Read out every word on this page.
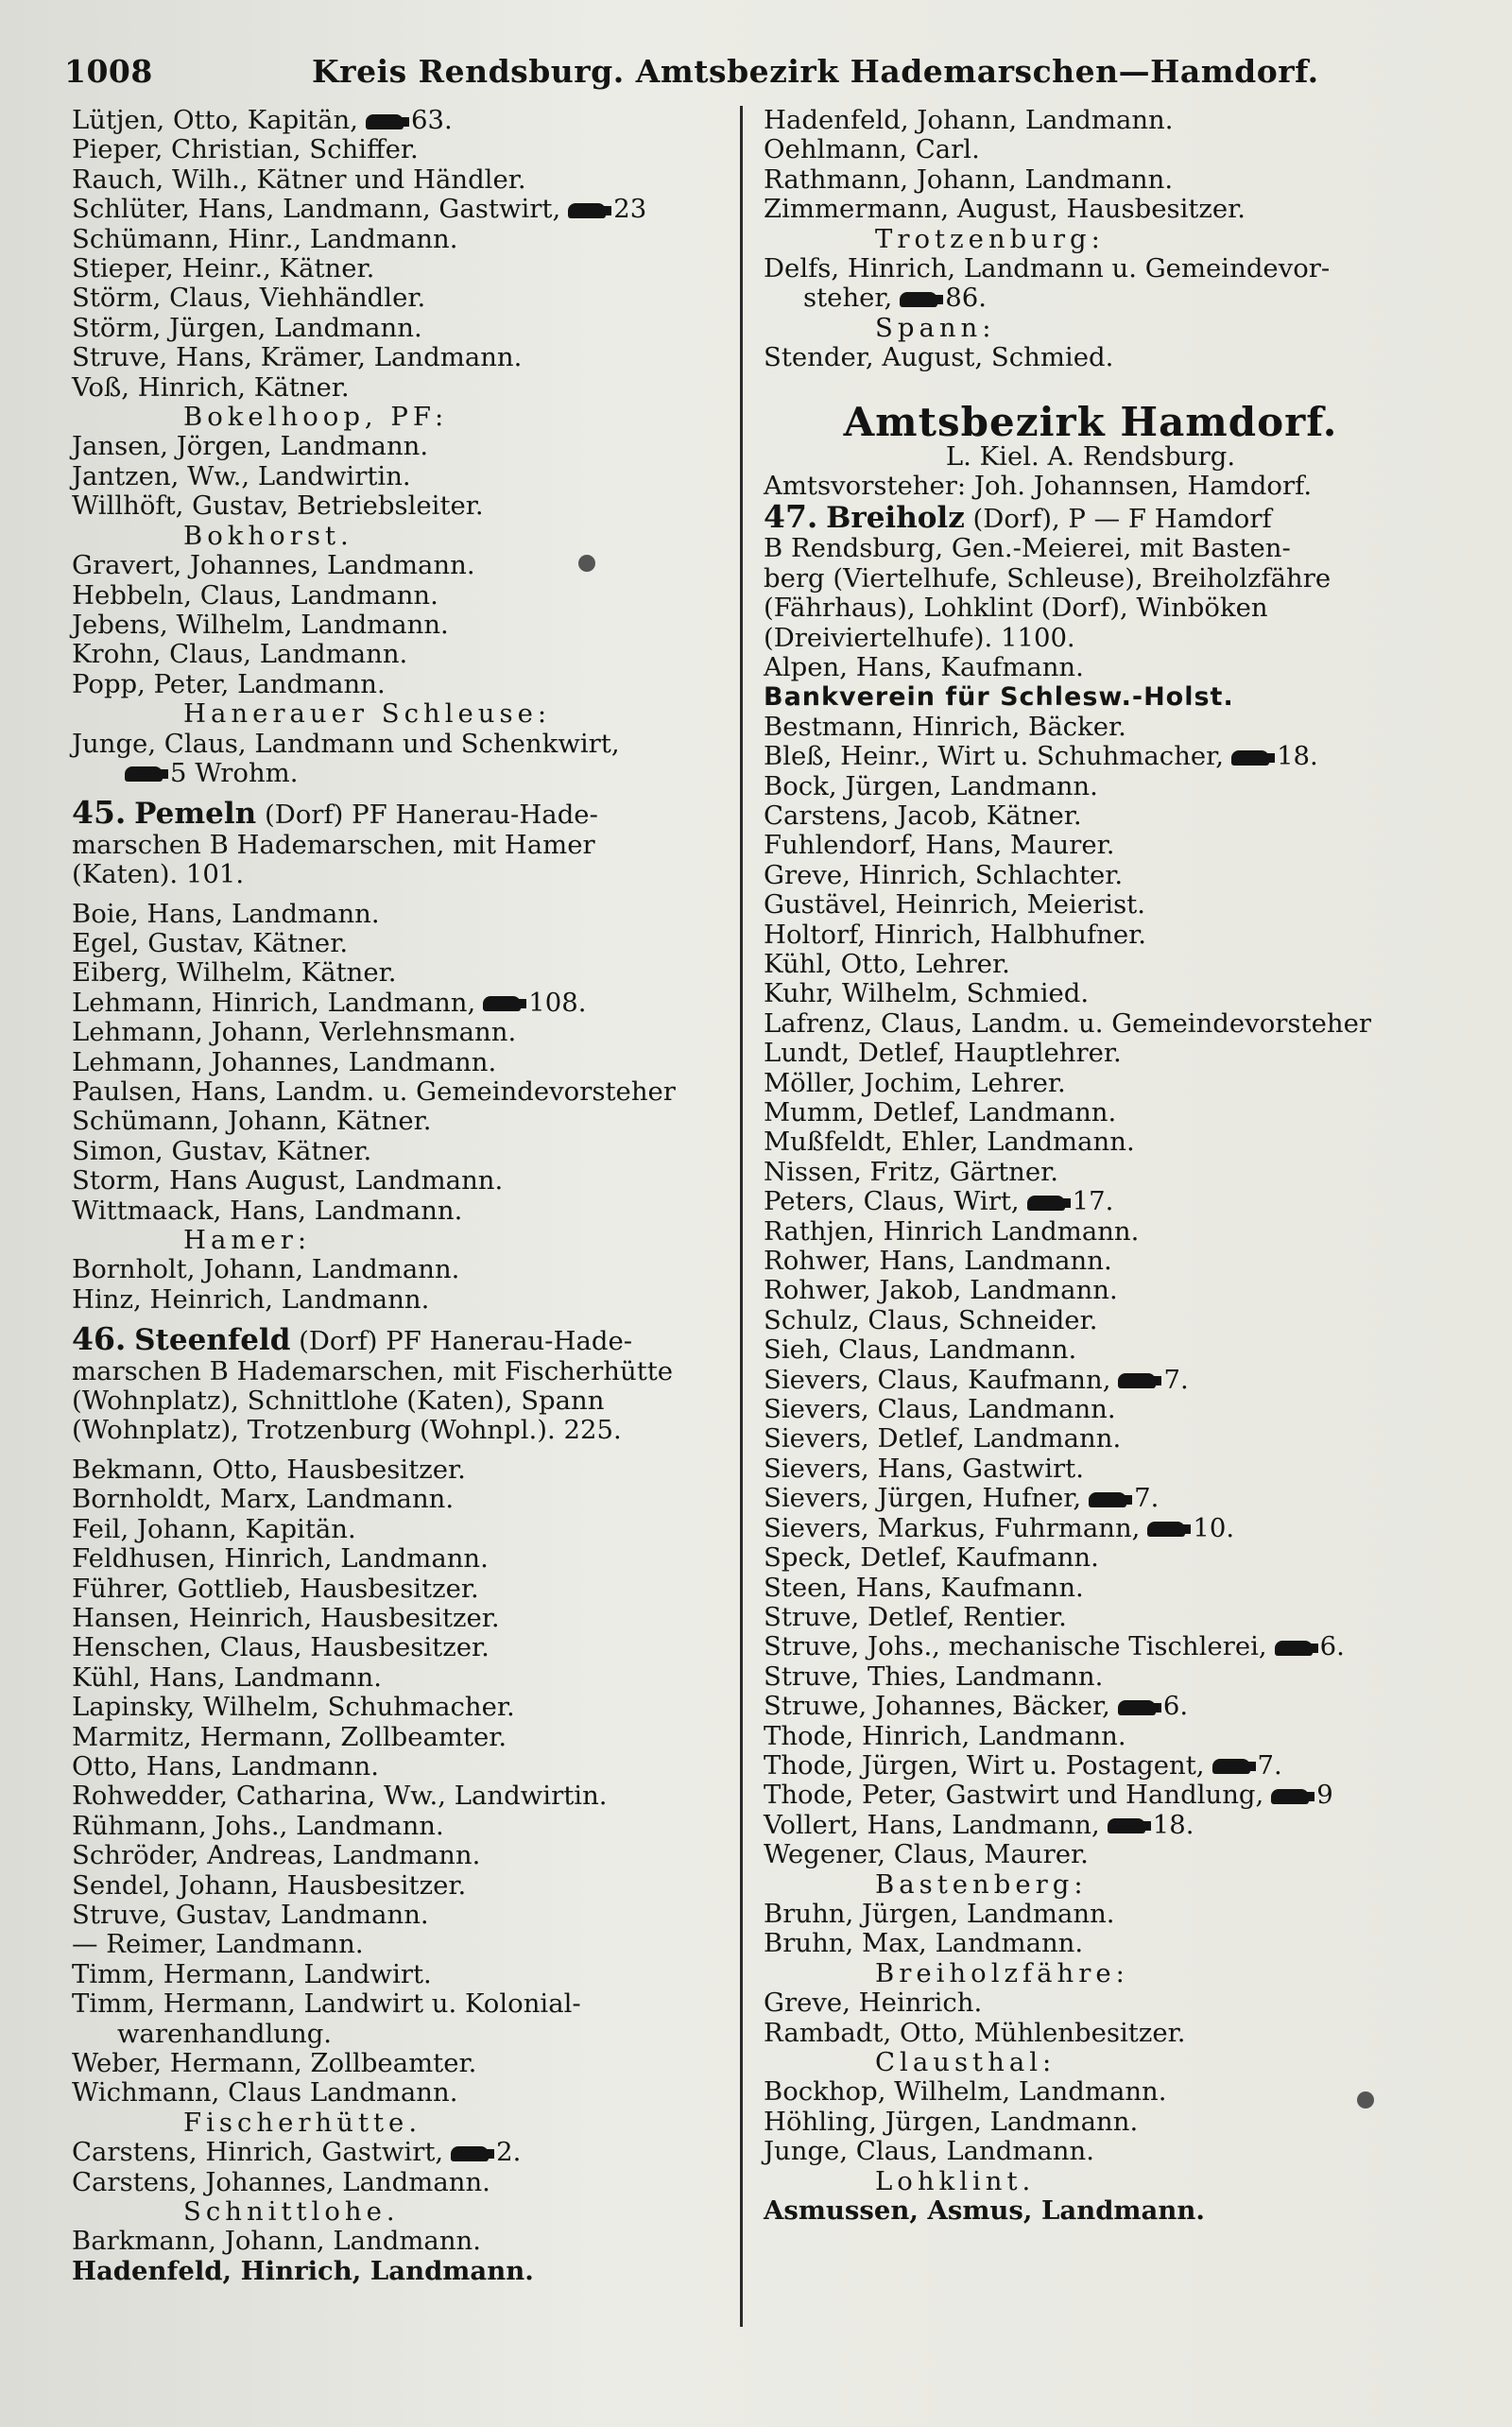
1008	Kreis Rendsburg. Amtsbezirk Hademarschen—Hamdorf.
Lütjen, Otto, Kapitän, 63.
Pieper, Christian, Schiffer.
Rauch, Wilh., Kätner und Händler.
Schlüter, Hans, Landmann, Gastwirt, 23
Schümann, Hinr., Landmann.
Stieper, Heinr., Kätner.
Störm, Claus, Viehhändler.
Störm, Jürgen, Landmann.
Struve, Hans, Krämer, Landmann.
Voß, Hinrich, Kätner.
Bokelhoop, PF:
Jansen, Jörgen, Landmann.
Jantzen, Ww., Landwirtin.
Willhöft, Gustav, Betriebsleiter.
Bokhorst.
Gravert, Johannes, Landmann.
Hebbeln, Claus, Landmann.
Jebens, Wilhelm, Landmann.
Krohn, Claus, Landmann.
Popp, Peter, Landmann.
Hanerauer Schleuse:
Junge, Claus, Landmann und Schenkwirt,
5 Wrohm.
45. Pemeln (Dorf) PF Hanerau-Hade-
marschen B Hademarschen, mit Hamer
(Katen). 101.
Boie, Hans, Landmann.
Egel, Gustav, Kätner.
Eiberg, Wilhelm, Kätner.
Lehmann, Hinrich, Landmann, 108.
Lehmann, Johann, Verlehnsmann.
Lehmann, Johannes, Landmann.
Paulsen, Hans, Landm. u. Gemeindevorsteher
Schümann, Johann, Kätner.
Simon, Gustav, Kätner.
Storm, Hans August, Landmann.
Wittmaack, Hans, Landmann.
Hamer:
Bornholt, Johann, Landmann.
Hinz, Heinrich, Landmann.
46. Steenfeld (Dorf) PF Hanerau-Hade-
marschen B Hademarschen, mit Fischerhütte
(Wohnplatz), Schnittlohe (Katen), Spann
(Wohnplatz), Trotzenburg (Wohnpl.). 225.
Bekmann, Otto, Hausbesitzer.
Bornholdt, Marx, Landmann.
Feil, Johann, Kapitän.
Feldhusen, Hinrich, Landmann.
Führer, Gottlieb, Hausbesitzer.
Hansen, Heinrich, Hausbesitzer.
Henschen, Claus, Hausbesitzer.
Kühl, Hans, Landmann.
Lapinsky, Wilhelm, Schuhmacher.
Marmitz, Hermann, Zollbeamter.
Otto, Hans, Landmann.
Rohwedder, Catharina, Ww., Landwirtin.
Rühmann, Johs., Landmann.
Schröder, Andreas, Landmann.
Sendel, Johann, Hausbesitzer.
Struve, Gustav, Landmann.
— Reimer, Landmann.
Timm, Hermann, Landwirt.
Timm, Hermann, Landwirt u. Kolonial-
warenhandlung.
Weber, Hermann, Zollbeamter.
Wichmann, Claus Landmann.
Fischerhütte.
Carstens, Hinrich, Gastwirt, 2.
Carstens, Johannes, Landmann.
Schnittlohe.
Barkmann, Johann, Landmann.
Hadenfeld, Hinrich, Landmann.
Hadenfeld, Johann, Landmann.
Oehlmann, Carl.
Rathmann, Johann, Landmann.
Zimmermann, August, Hausbesitzer.
Trotzenburg:
Delfs, Hinrich, Landmann u. Gemeindevor-
steher, 86.
Spann:
Stender, August, Schmied.
Amtsbezirk Hamdorf.
L. Kiel. A. Rendsburg.
Amtsvorsteher: Joh. Johannsen, Hamdorf.
47. Breiholz (Dorf), P — F Hamdorf
B Rendsburg, Gen.-Meierei, mit Basten-
berg (Viertelhufe, Schleuse), Breiholzfähre
(Fährhaus), Lohklint (Dorf), Winböken
(Dreiviertelhufe). 1100.
Alpen, Hans, Kaufmann.
Bankverein für Schlesw.-Holst.
Bestmann, Hinrich, Bäcker.
Bleß, Heinr., Wirt u. Schuhmacher, 18.
Bock, Jürgen, Landmann.
Carstens, Jacob, Kätner.
Fuhlendorf, Hans, Maurer.
Greve, Hinrich, Schlachter.
Gustävel, Heinrich, Meierist.
Holtorf, Hinrich, Halbhufner.
Kühl, Otto, Lehrer.
Kuhr, Wilhelm, Schmied.
Lafrenz, Claus, Landm. u. Gemeindevorsteher
Lundt, Detlef, Hauptlehrer.
Möller, Jochim, Lehrer.
Mumm, Detlef, Landmann.
Mußfeldt, Ehler, Landmann.
Nissen, Fritz, Gärtner.
Peters, Claus, Wirt, 17.
Rathjen, Hinrich Landmann.
Rohwer, Hans, Landmann.
Rohwer, Jakob, Landmann.
Schulz, Claus, Schneider.
Sieh, Claus, Landmann.
Sievers, Claus, Kaufmann, 7.
Sievers, Claus, Landmann.
Sievers, Detlef, Landmann.
Sievers, Hans, Gastwirt.
Sievers, Jürgen, Hufner, 7.
Sievers, Markus, Fuhrmann, 10.
Speck, Detlef, Kaufmann.
Steen, Hans, Kaufmann.
Struve, Detlef, Rentier.
Struve, Johs., mechanische Tischlerei, 6.
Struve, Thies, Landmann.
Struwe, Johannes, Bäcker, 6.
Thode, Hinrich, Landmann.
Thode, Jürgen, Wirt u. Postagent, 7.
Thode, Peter, Gastwirt und Handlung, 9
Vollert, Hans, Landmann, 18.
Wegener, Claus, Maurer.
Bastenberg:
Bruhn, Jürgen, Landmann.
Bruhn, Max, Landmann.
Breiholzfähre:
Greve, Heinrich.
Rambadt, Otto, Mühlenbesitzer.
Clausthal:
Bockhop, Wilhelm, Landmann.
Höhling, Jürgen, Landmann.
Junge, Claus, Landmann.
Lohklint.
Asmussen, Asmus, Landmann.
